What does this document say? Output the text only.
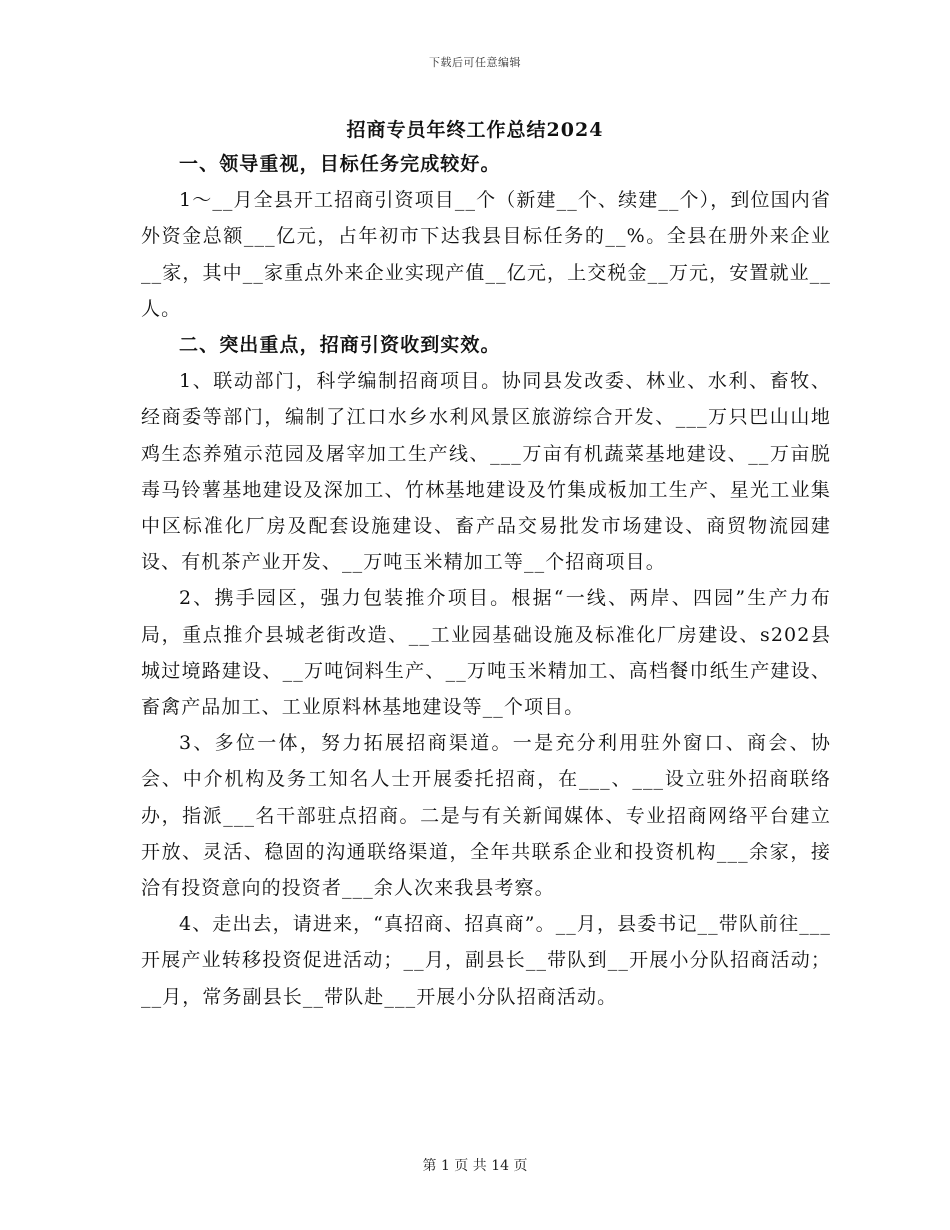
下载后可任意编辑
招商专员年终工作总结2024

一、领导重视，目标任务完成较好。

1～__月全县开工招商引资项目__个（新建__个、续建__个），到位国内省外资金总额___亿元，占年初市下达我县目标任务的__%。全县在册外来企业__家，其中__家重点外来企业实现产值__亿元，上交税金__万元，安置就业__人。

二、突出重点，招商引资收到实效。

1、联动部门，科学编制招商项目。协同县发改委、林业、水利、畜牧、经商委等部门，编制了江口水乡水利风景区旅游综合开发、___万只巴山山地鸡生态养殖示范园及屠宰加工生产线、___万亩有机蔬菜基地建设、__万亩脱毒马铃薯基地建设及深加工、竹林基地建设及竹集成板加工生产、星光工业集中区标准化厂房及配套设施建设、畜产品交易批发市场建设、商贸物流园建设、有机茶产业开发、__万吨玉米精加工等__个招商项目。

2、携手园区，强力包装推介项目。根据“一线、两岸、四园”生产力布局，重点推介县城老街改造、__工业园基础设施及标准化厂房建设、s202县城过境路建设、__万吨饲料生产、__万吨玉米精加工、高档餐巾纸生产建设、畜禽产品加工、工业原料林基地建设等__个项目。

3、多位一体，努力拓展招商渠道。一是充分利用驻外窗口、商会、协会、中介机构及务工知名人士开展委托招商，在___、___设立驻外招商联络办，指派___名干部驻点招商。二是与有关新闻媒体、专业招商网络平台建立开放、灵活、稳固的沟通联络渠道，全年共联系企业和投资机构___余家，接洽有投资意向的投资者___余人次来我县考察。

4、走出去，请进来，“真招商、招真商”。__月，县委书记__带队前往___开展产业转移投资促进活动；__月，副县长__带队到__开展小分队招商活动；__月，常务副县长__带队赴___开展小分队招商活动。

第 1 页 共 14 页
